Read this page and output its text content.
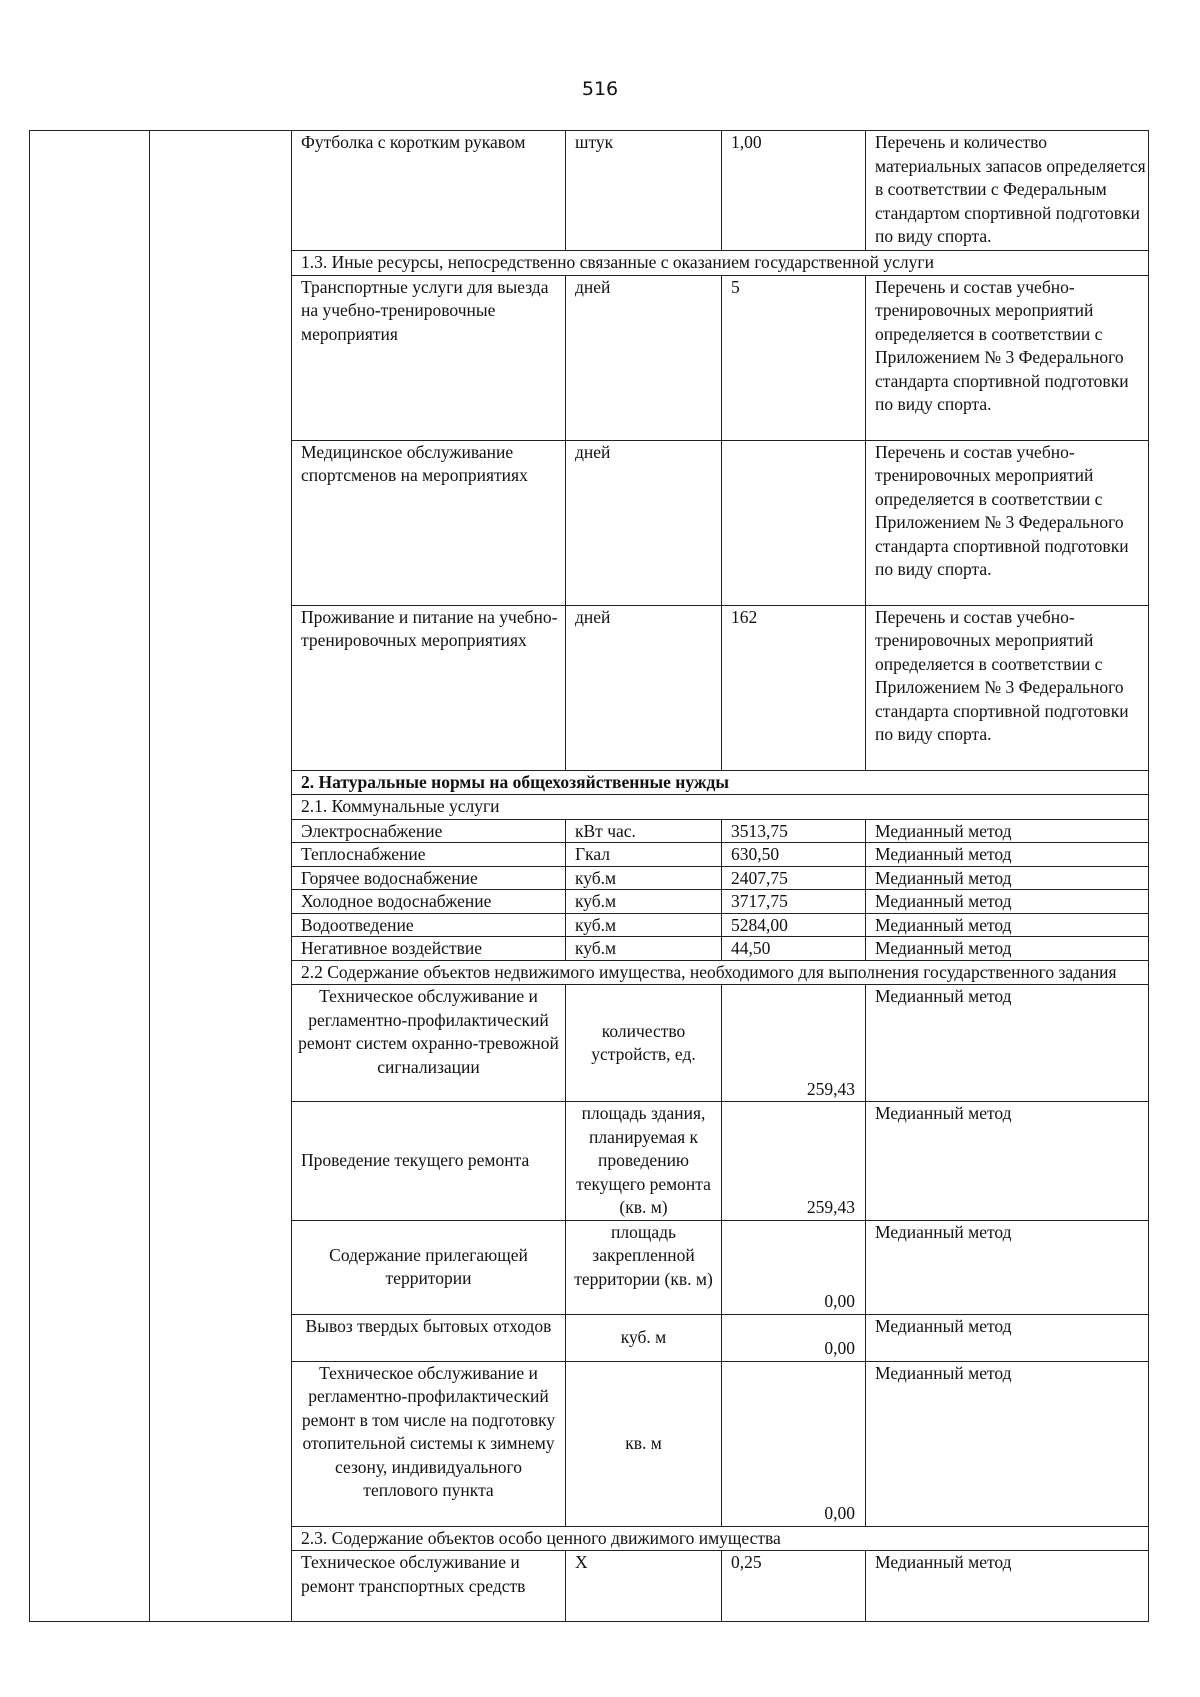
516
		Футболка с коротким рукавом	штук	1,00	Перечень и количество материальных запасов определяется в соответствии с Федеральным стандартом спортивной подготовки по виду спорта.
		1.3. Иные ресурсы, непосредственно связанные с оказанием государственной услуги			
		Транспортные услуги для выезда на учебно-тренировочные мероприятия	дней	5	Перечень и состав учебно-тренировочных мероприятий определяется в соответствии с Приложением № 3 Федерального стандарта спортивной подготовки по виду спорта.
		Медицинское обслуживание спортсменов на мероприятиях	дней		Перечень и состав учебно-тренировочных мероприятий определяется в соответствии с Приложением № 3 Федерального стандарта спортивной подготовки по виду спорта.
		Проживание и питание на учебно-тренировочных мероприятиях	дней	162	Перечень и состав учебно-тренировочных мероприятий определяется в соответствии с Приложением № 3 Федерального стандарта спортивной подготовки по виду спорта.
		2. Натуральные нормы на общехозяйственные нужды			
		2.1. Коммунальные услуги			
		Электроснабжение	кВт час.	3513,75	Медианный метод
		Теплоснабжение	Гкал	630,50	Медианный метод
		Горячее водоснабжение	куб.м	2407,75	Медианный метод
		Холодное водоснабжение	куб.м	3717,75	Медианный метод
		Водоотведение	куб.м	5284,00	Медианный метод
		Негативное воздействие	куб.м	44,50	Медианный метод
		2.2 Содержание объектов недвижимого имущества, необходимого для выполнения государственного задания			
		Техническое обслуживание и регламентно-профилактический ремонт систем охранно-тревожной сигнализации	количество устройств, ед.	259,43	Медианный метод
		Проведение текущего ремонта	площадь здания, планируемая к проведению текущего ремонта (кв. м)	259,43	Медианный метод
		Содержание прилегающей территории	площадь закрепленной территории (кв. м)	0,00	Медианный метод
		Вывоз твердых бытовых отходов	куб. м	0,00	Медианный метод
		Техническое обслуживание и регламентно-профилактический ремонт в том числе на подготовку отопительной системы к зимнему сезону, индивидуального теплового пункта	кв. м	0,00	Медианный метод
		2.3. Содержание объектов особо ценного движимого имущества			
		Техническое обслуживание и ремонт транспортных средств	Х	0,25	Медианный метод
